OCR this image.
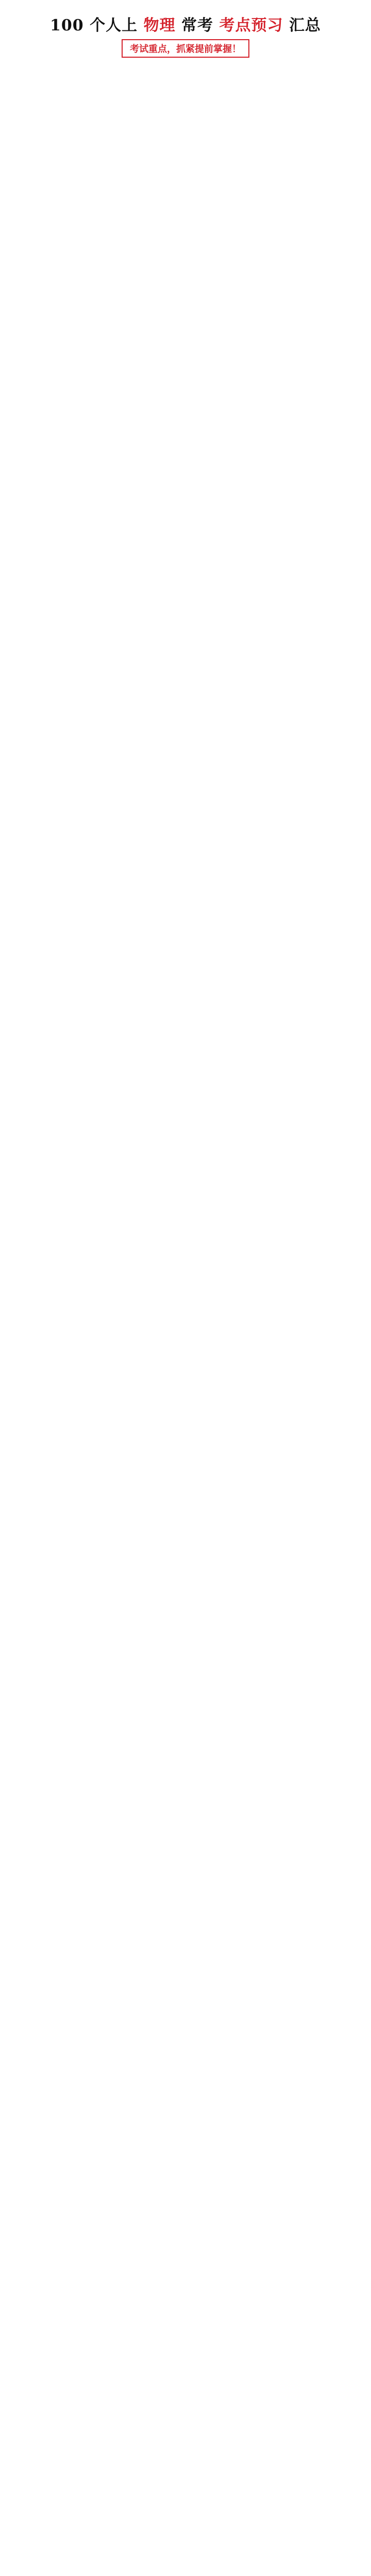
100 个人上 物理 常考 考点预习 汇总
考试重点，抓紧提前掌握！
